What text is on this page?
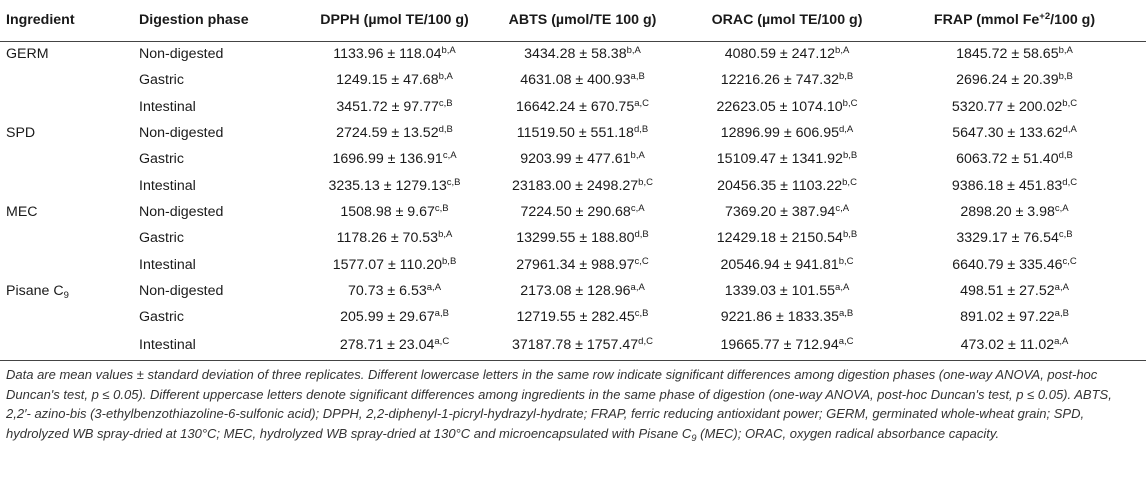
Ingredient	Digestion phase	DPPH (µmol TE/100 g)	ABTS (µmol/TE 100 g)	ORAC (µmol TE/100 g)	FRAP (mmol $Fe^{+2}/100$ g)
GERM	Non-digested	$1133.96 \pm 118.04^{b,A}$	$3434.28 \pm 58.38^{b,A}$	$4080.59 \pm 247.12^{b,A}$	$1845.72 \pm 58.65^{b,A}$
	Gastric	$1249.15 \pm 47.68^{b,A}$	$4631.08 \pm 400.93^{a,B}$	$12216.26 \pm 747.32^{b,B}$	$2696.24 \pm 20.39^{b,B}$
	Intestinal	$3451.72 \pm 97.77^{c,B}$	$16642.24 \pm 670.75^{a,C}$	$22623.05 \pm 1074.10^{b,C}$	$5320.77 \pm 200.02^{b,C}$
SPD	Non-digested	$2724.59 \pm 13.52^{d,B}$	$11519.50 \pm 551.18^{d,B}$	$12896.99 \pm 606.95^{d,A}$	$5647.30 \pm 133.62^{d,A}$
	Gastric	$1696.99 \pm 136.91^{c,A}$	$9203.99 \pm 477.61^{b,A}$	$15109.47 \pm 1341.92^{b,B}$	$6063.72 \pm 51.40^{d,B}$
	Intestinal	$3235.13 \pm 1279.13^{c,B}$	$23183.00 \pm 2498.27^{b,C}$	$20456.35 \pm 1103.22^{b,C}$	$9386.18 \pm 451.83^{d,C}$
MEC	Non-digested	$1508.98 \pm 9.67^{c,B}$	$7224.50 \pm 290.68^{c,A}$	$7369.20 \pm 387.94^{c,A}$	$2898.20 \pm 3.98^{c,A}$
	Gastric	$1178.26 \pm 70.53^{b,A}$	$13299.55 \pm 188.80^{d,B}$	$12429.18 \pm 2150.54^{b,B}$	$3329.17 \pm 76.54^{c,B}$
	Intestinal	$1577.07 \pm 110.20^{b,B}$	$27961.34 \pm 988.97^{c,C}$	$20546.94 \pm 941.81^{b,C}$	$6640.79 \pm 335.46^{c,C}$
Pisane $C_9$	Non-digested	$70.73 \pm 6.53^{a,A}$	$2173.08 \pm 128.96^{a,A}$	$1339.03 \pm 101.55^{a,A}$	$498.51 \pm 27.52^{a,A}$
	Gastric	$205.99 \pm 29.67^{a,B}$	$12719.55 \pm 282.45^{c,B}$	$9221.86 \pm 1833.35^{a,B}$	$891.02 \pm 97.22^{a,B}$
	Intestinal	$278.71 \pm 23.04^{a,C}$	$37187.78 \pm 1757.47^{d,C}$	$19665.77 \pm 712.94^{a,C}$	$473.02 \pm 11.02^{a,A}$

Data are mean values ± standard deviation of three replicates. Different lowercase letters in the same row indicate significant differences among digestion phases (one-way ANOVA, post-hoc Duncan's test, p ≤ 0.05). Different uppercase letters denote significant differences among ingredients in the same phase of digestion (one-way ANOVA, post-hoc Duncan's test, p ≤ 0.05). ABTS, 2,2′- azino-bis (3-ethylbenzothiazoline-6-sulfonic acid); DPPH, 2,2-diphenyl-1-picryl-hydrazyl-hydrate; FRAP, ferric reducing antioxidant power; GERM, germinated whole-wheat grain; SPD, hydrolyzed WB spray-dried at 130°C; MEC, hydrolyzed WB spray-dried at 130°C and microencapsulated with Pisane $C_9$ (MEC); ORAC, oxygen radical absorbance capacity.
